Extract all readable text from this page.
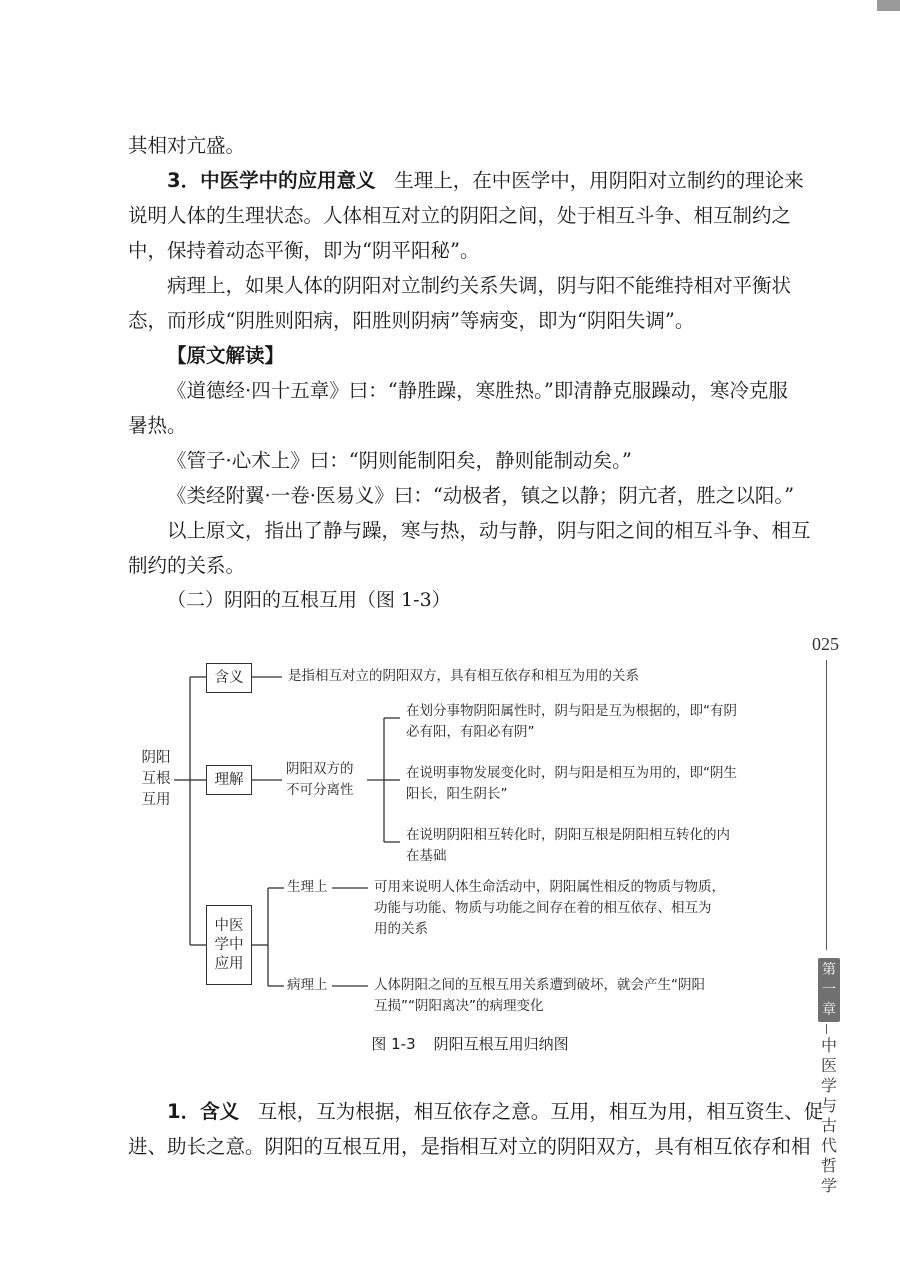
其相对亢盛。

3．中医学中的应用意义 生理上，在中医学中，用阴阳对立制约的理论来

说明人体的生理状态。人体相互对立的阴阳之间，处于相互斗争、相互制约之

中，保持着动态平衡，即为“阴平阳秘”。

病理上，如果人体的阴阳对立制约关系失调，阴与阳不能维持相对平衡状

态，而形成“阴胜则阳病，阳胜则阴病”等病变，即为“阴阳失调”。

【原文解读】

《道德经·四十五章》曰：“静胜躁，寒胜热。”即清静克服躁动，寒冷克服

暑热。

《管子·心术上》曰：“阴则能制阳矣，静则能制动矣。”

《类经附翼·一卷·医易义》曰：“动极者，镇之以静；阴亢者，胜之以阳。”

以上原文，指出了静与躁，寒与热，动与静，阴与阳之间的相互斗争、相互

制约的关系。

（二）阴阳的互根互用（图 1-3）

阴阳
互根
互用
含义	是指相互对立的阴阳双方，具有相互依存和相互为用的关系
理解
阴阳双方的
不可分离性
在划分事物阴阳属性时，阴与阳是互为根据的，即“有阴
必有阳，有阳必有阴”
在说明事物发展变化时，阴与阳是相互为用的，即“阴生
阳长，阳生阴长”
在说明阴阳相互转化时，阴阳互根是阴阳相互转化的内
在基础
中医
学中
应用
生理上	可用来说明人体生命活动中，阴阳属性相反的物质与物质，
功能与功能、物质与功能之间存在着的相互依存、相互为
用的关系
病理上	人体阴阳之间的互根互用关系遭到破坏，就会产生“阴阳
互损”“阴阳离决”的病理变化
图 1-3 阴阳互根互用归纳图

1．含义 互根，互为根据，相互依存之意。互用，相互为用，相互资生、促

进、助长之意。阴阳的互根互用，是指相互对立的阴阳双方，具有相互依存和相

025
第
一
章
中
医
学
与
古
代
哲
学
